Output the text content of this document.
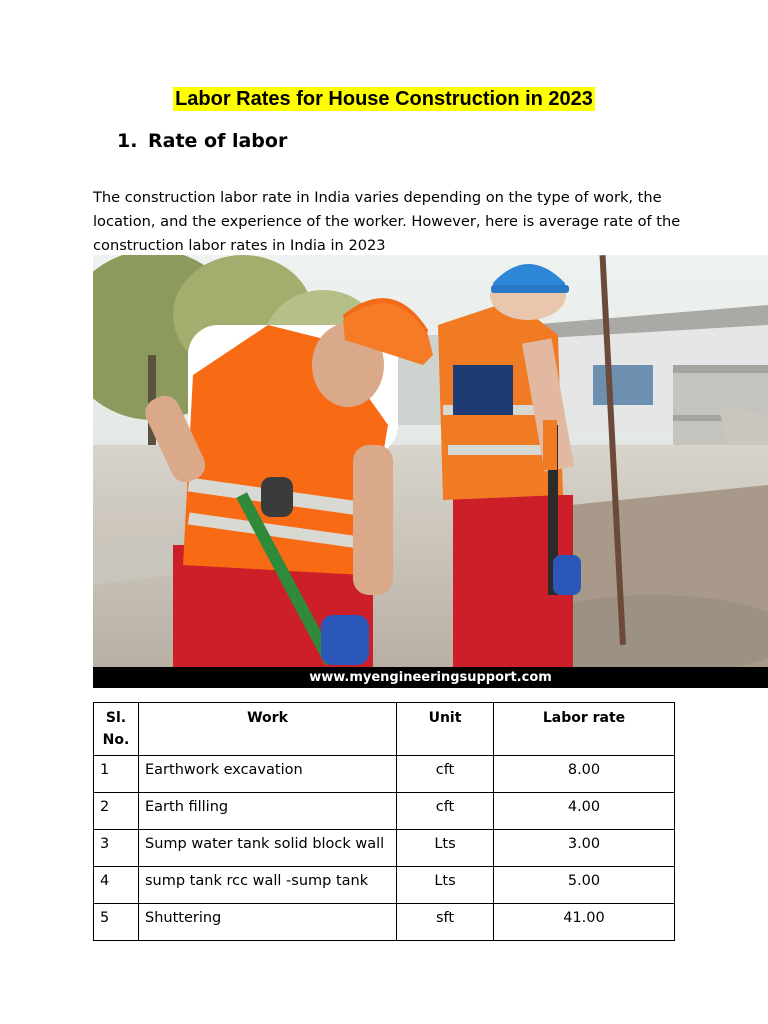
Labor Rates for House Construction in 2023
1. Rate of labor

The construction labor rate in India varies depending on the type of work, the location, and the experience of the worker. However, here is average rate of the construction labor rates in India in 2023

www.myengineeringsupport.com
Sl. No.	Work	Unit	Labor rate
1	Earthwork excavation	cft	8.00
2	Earth filling	cft	4.00
3	Sump water tank solid block wall	Lts	3.00
4	sump tank rcc wall -sump tank	Lts	5.00
5	Shuttering	sft	41.00
